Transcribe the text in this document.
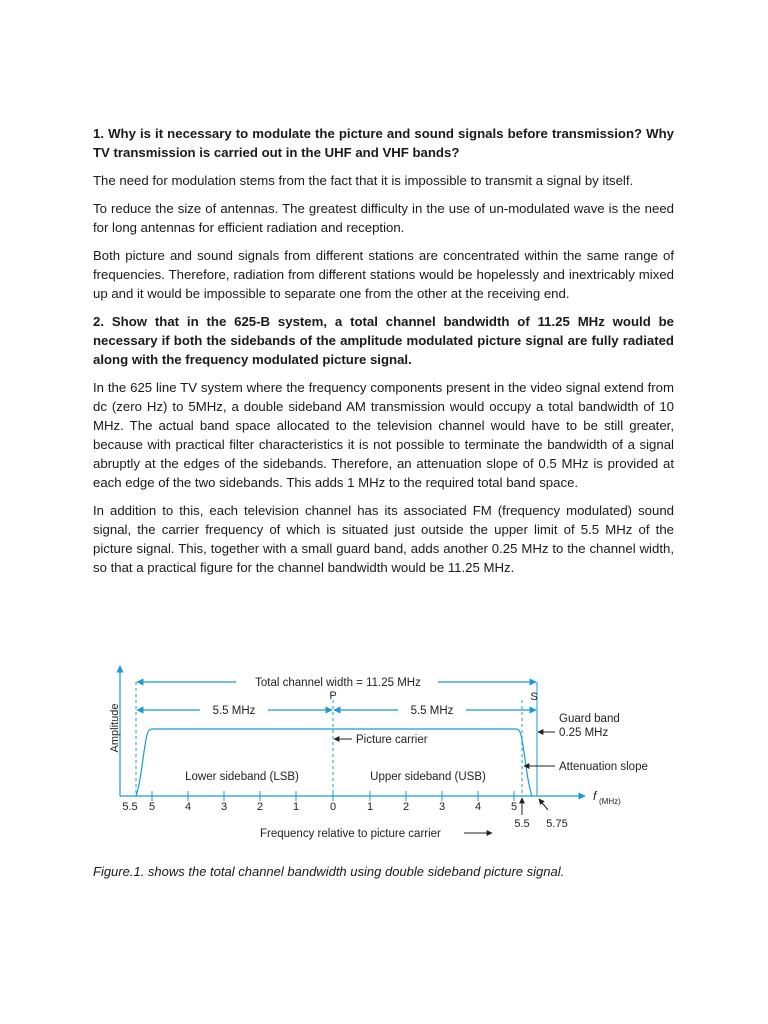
1. Why is it necessary to modulate the picture and sound signals before transmission? Why TV transmission is carried out in the UHF and VHF bands?

The need for modulation stems from the fact that it is impossible to transmit a signal by itself.

To reduce the size of antennas. The greatest difficulty in the use of un-modulated wave is the need for long antennas for efficient radiation and reception.

Both picture and sound signals from different stations are concentrated within the same range of frequencies. Therefore, radiation from different stations would be hopelessly and inextricably mixed up and it would be impossible to separate one from the other at the receiving end.

2. Show that in the 625-B system, a total channel bandwidth of 11.25 MHz would be necessary if both the sidebands of the amplitude modulated picture signal are fully radiated along with the frequency modulated picture signal.

In the 625 line TV system where the frequency components present in the video signal extend from dc (zero Hz) to 5MHz, a double sideband AM transmission would occupy a total bandwidth of 10 MHz. The actual band space allocated to the television channel would have to be still greater, because with practical filter characteristics it is not possible to terminate the bandwidth of a signal abruptly at the edges of the sidebands. Therefore, an attenuation slope of 0.5 MHz is provided at each edge of the two sidebands. This adds 1 MHz to the required total band space.

In addition to this, each television channel has its associated FM (frequency modulated) sound signal, the carrier frequency of which is situated just outside the upper limit of 5.5 MHz of the picture signal. This, together with a small guard band, adds another 0.25 MHz to the channel width, so that a practical figure for the channel bandwidth would be 11.25 MHz.

Total channel width = 11.25 MHz
P	S
5.5 MHz	5.5 MHz
Picture carrier
Guard band
0.25 MHz
Attenuation slope
Lower sideband (LSB)	Upper sideband (USB)
Amplitude
5.5 5	4	3	2	1	0	1	2	3	4	5
5.5 5.75
f (MHz)
Frequency relative to picture carrier

Figure.1. shows the total channel bandwidth using double sideband picture signal.
